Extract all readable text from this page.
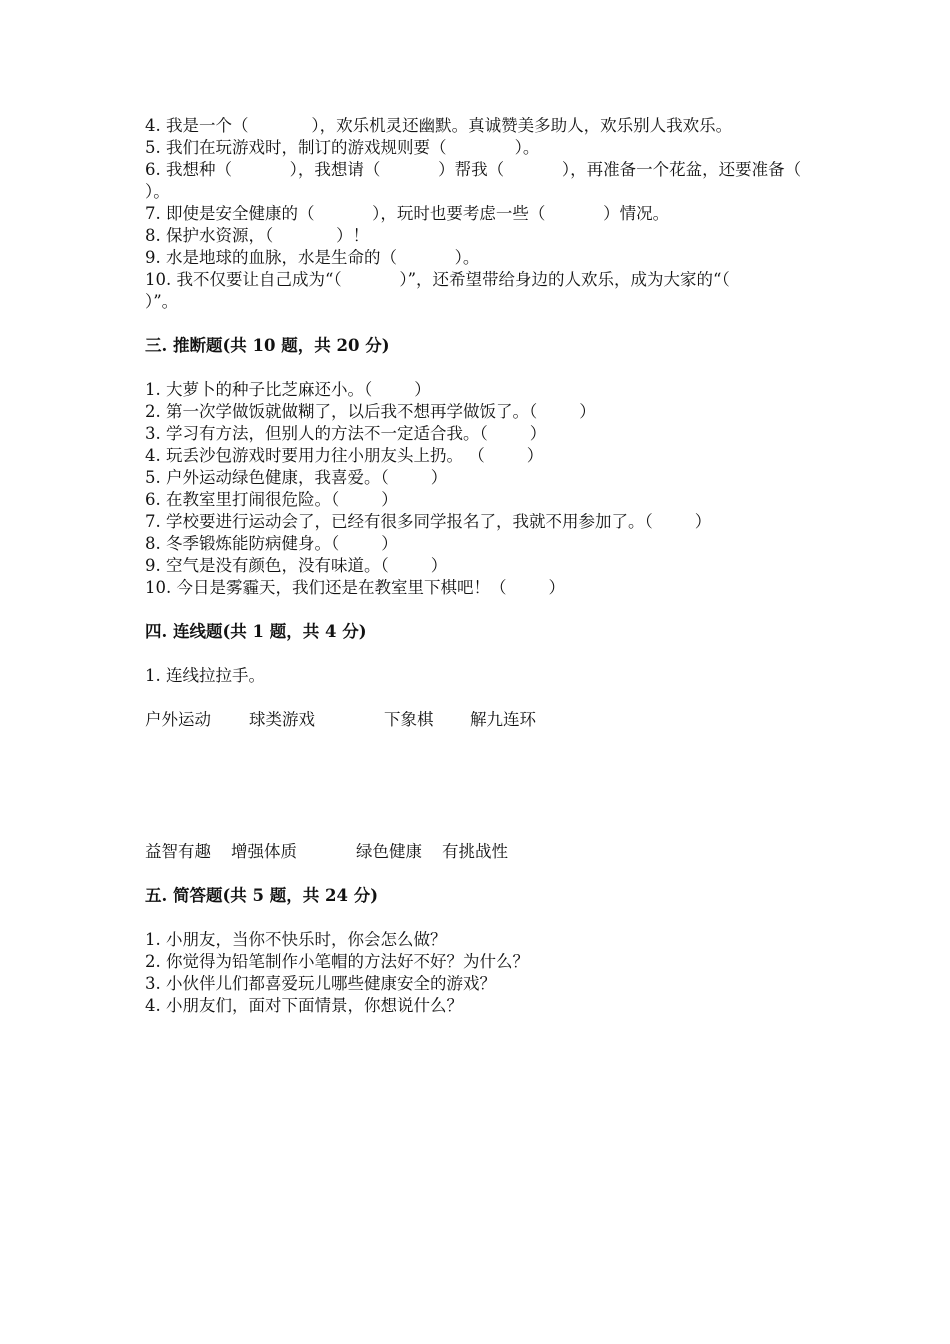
4. 我是一个（            ），欢乐机灵还幽默。真诚赞美多助人，欢乐别人我欢乐。

5. 我们在玩游戏时，制订的游戏规则要（             ）。

6. 我想种（           ），我想请（           ）帮我（           ），再准备一个花盆，还要准备（          ）。

7. 即使是安全健康的（           ），玩时也要考虑一些（           ）情况。

8. 保护水资源，（            ）！

9. 水是地球的血脉，水是生命的（           ）。

10. 我不仅要让自己成为“（           ）”，还希望带给身边的人欢乐，成为大家的“（           ）”。

三. 推断题(共 10 题，共 20 分)

1. 大萝卜的种子比芝麻还小。（        ）

2. 第一次学做饭就做糊了，以后我不想再学做饭了。（        ）

3. 学习有方法，但别人的方法不一定适合我。（        ）

4. 玩丢沙包游戏时要用力往小朋友头上扔。 （        ）

5. 户外运动绿色健康，我喜爱。（        ）

6. 在教室里打闹很危险。（        ）

7. 学校要进行运动会了，已经有很多同学报名了，我就不用参加了。（        ）

8. 冬季锻炼能防病健身。（        ）

9. 空气是没有颜色，没有味道。（        ）

10. 今日是雾霾天，我们还是在教室里下棋吧！（        ）

四. 连线题(共 1 题，共 4 分)

1. 连线拉拉手。

户外运动	球类游戏	下象棋	解九连环
益智有趣	增强体质	绿色健康	有挑战性

五. 简答题(共 5 题，共 24 分)

1. 小朋友，当你不快乐时，你会怎么做？

2. 你觉得为铅笔制作小笔帽的方法好不好？为什么？

3. 小伙伴儿们都喜爱玩儿哪些健康安全的游戏？

4. 小朋友们，面对下面情景，你想说什么？
